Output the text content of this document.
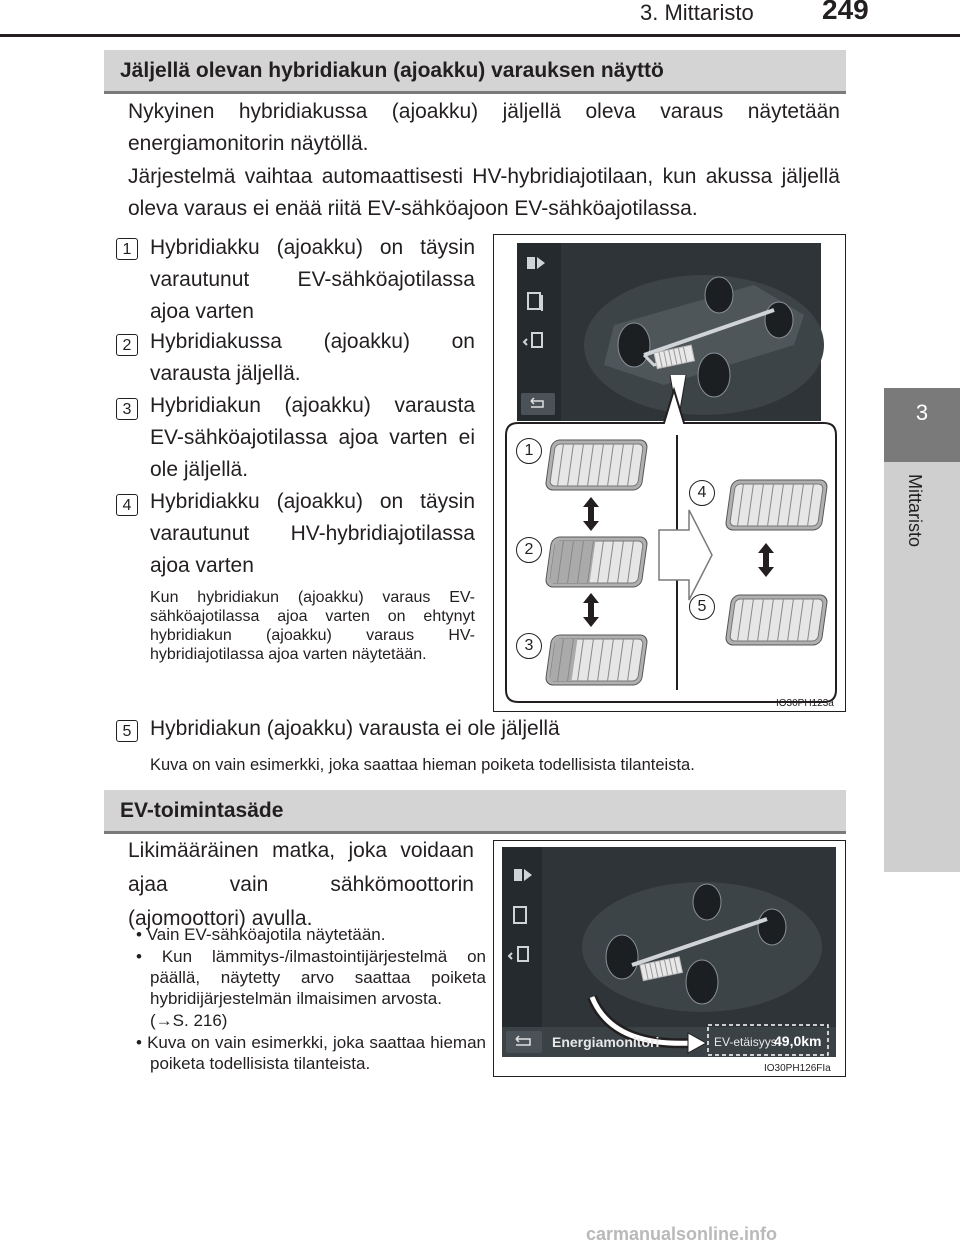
3. Mittaristo 249
3
Mittaristo
Jäljellä olevan hybridiakun (ajoakku) varauksen näyttö
Nykyinen hybridiakussa (ajoakku) jäljellä oleva varaus näytetään energiamonitorin näytöllä.
Järjestelmä vaihtaa automaattisesti HV-hybridiajotilaan, kun akussa jäljellä oleva varaus ei enää riitä EV-sähköajoon EV-sähköajotilassa.
1 Hybridiakku (ajoakku) on täysin varautunut EV-sähköajotilassa ajoa varten
2 Hybridiakussa (ajoakku) on varausta jäljellä.
3 Hybridiakun (ajoakku) varausta EV-sähköajotilassa ajoa varten ei ole jäljellä.
4 Hybridiakku (ajoakku) on täysin varautunut HV-hybridiajotilassa ajoa varten
Kun hybridiakun (ajoakku) varaus EV-sähköajotilassa ajoa varten on ehtynyt hybridiakun (ajoakku) varaus HV-hybridiajotilassa ajoa varten näytetään.
5 Hybridiakun (ajoakku) varausta ei ole jäljellä
Kuva on vain esimerkki, joka saattaa hieman poiketa todellisista tilanteista.
1
2
3
4
5
IO30PH123a
EV-toimintasäde
Likimääräinen matka, joka voidaan ajaa vain sähkömoottorin (ajomoottori) avulla.
• Vain EV-sähköajotila näytetään.
• Kun lämmitys-/ilmastointijärjestelmä on päällä, näytetty arvo saattaa poiketa hybridijärjestelmän ilmaisimen arvosta.
(→S. 216)
• Kuva on vain esimerkki, joka saattaa hieman poiketa todellisista tilanteista.
Energiamonitori	EV-etäisyys
49,0km
IO30PH126FIa
carmanualsonline.info
